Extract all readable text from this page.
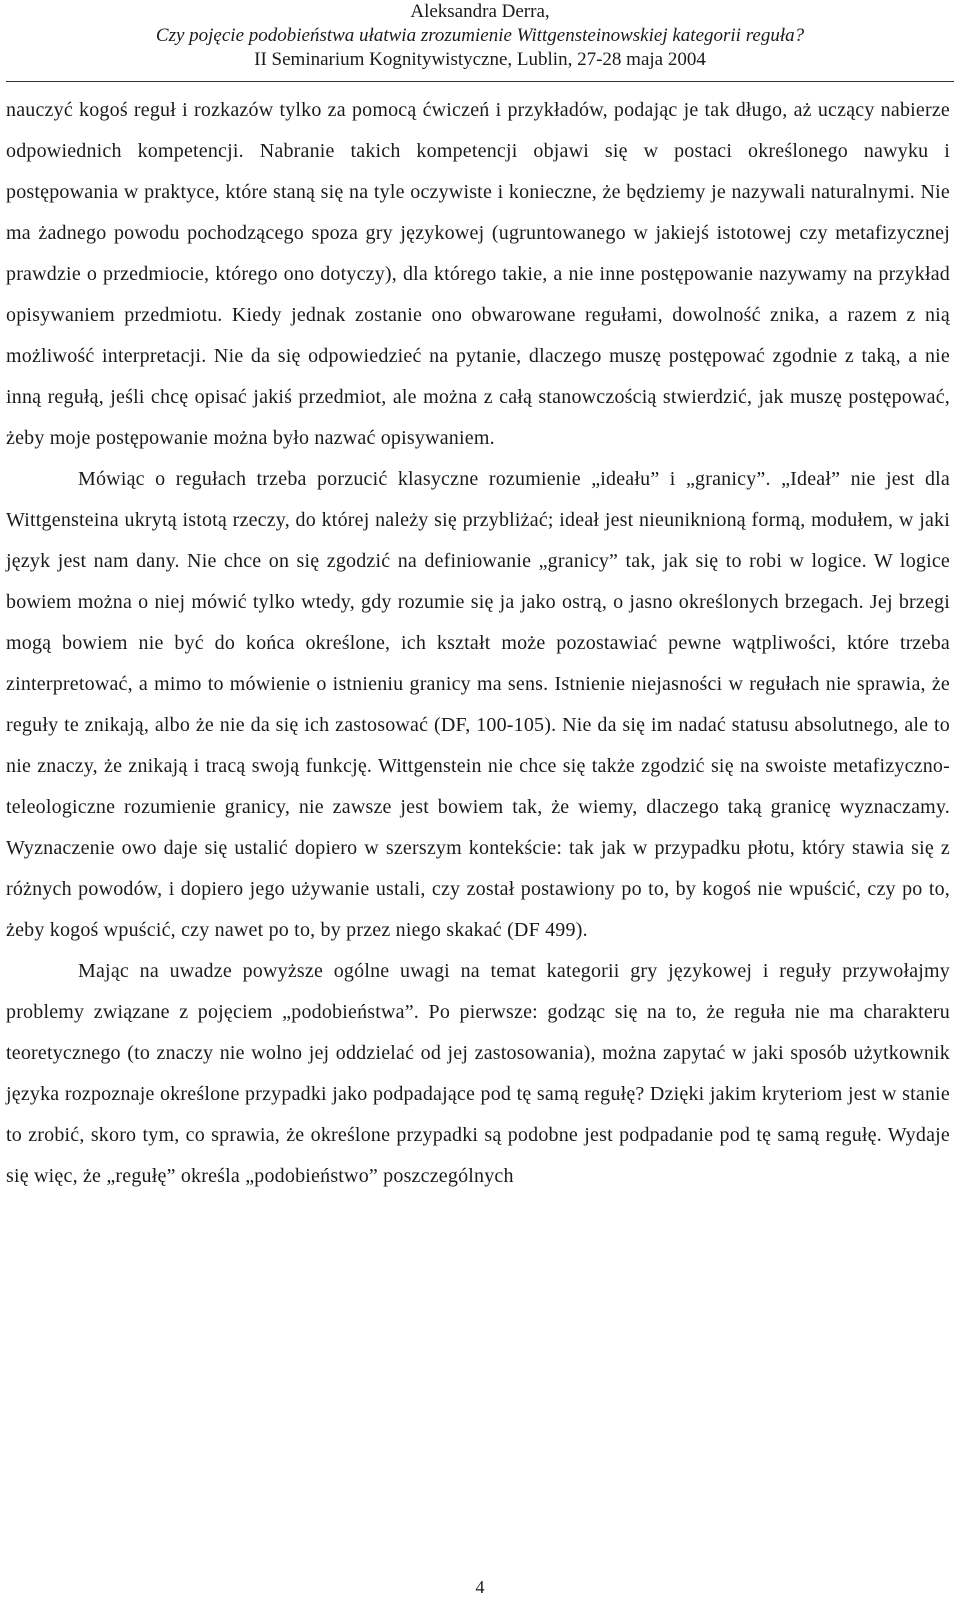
Aleksandra Derra,
Czy pojęcie podobieństwa ułatwia zrozumienie Wittgensteinowskiej kategorii reguła?
II Seminarium Kognitywistyczne, Lublin, 27-28 maja 2004

nauczyć kogoś reguł i rozkazów tylko za pomocą ćwiczeń i przykładów, podając je tak długo, aż uczący nabierze odpowiednich kompetencji. Nabranie takich kompetencji objawi się w postaci określonego nawyku i postępowania w praktyce, które staną się na tyle oczywiste i konieczne, że będziemy je nazywali naturalnymi. Nie ma żadnego powodu pochodzącego spoza gry językowej (ugruntowanego w jakiejś istotowej czy metafizycznej prawdzie o przedmiocie, którego ono dotyczy), dla którego takie, a nie inne postępowanie nazywamy na przykład opisywaniem przedmiotu. Kiedy jednak zostanie ono obwarowane regułami, dowolność znika, a razem z nią możliwość interpretacji. Nie da się odpowiedzieć na pytanie, dlaczego muszę postępować zgodnie z taką, a nie inną regułą, jeśli chcę opisać jakiś przedmiot, ale można z całą stanowczością stwierdzić, jak muszę postępować, żeby moje postępowanie można było nazwać opisywaniem.

Mówiąc o regułach trzeba porzucić klasyczne rozumienie „ideału” i „granicy”. „Ideał” nie jest dla Wittgensteina ukrytą istotą rzeczy, do której należy się przybliżać; ideał jest nieuniknioną formą, modułem, w jaki język jest nam dany. Nie chce on się zgodzić na definiowanie „granicy” tak, jak się to robi w logice. W logice bowiem można o niej mówić tylko wtedy, gdy rozumie się ja jako ostrą, o jasno określonych brzegach. Jej brzegi mogą bowiem nie być do końca określone, ich kształt może pozostawiać pewne wątpliwości, które trzeba zinterpretować, a mimo to mówienie o istnieniu granicy ma sens. Istnienie niejasności w regułach nie sprawia, że reguły te znikają, albo że nie da się ich zastosować (DF, 100-105). Nie da się im nadać statusu absolutnego, ale to nie znaczy, że znikają i tracą swoją funkcję. Wittgenstein nie chce się także zgodzić się na swoiste metafizyczno-teleologiczne rozumienie granicy, nie zawsze jest bowiem tak, że wiemy, dlaczego taką granicę wyznaczamy. Wyznaczenie owo daje się ustalić dopiero w szerszym kontekście: tak jak w przypadku płotu, który stawia się z różnych powodów, i dopiero jego używanie ustali, czy został postawiony po to, by kogoś nie wpuścić, czy po to, żeby kogoś wpuścić, czy nawet po to, by przez niego skakać (DF 499).

Mając na uwadze powyższe ogólne uwagi na temat kategorii gry językowej i reguły przywołajmy problemy związane z pojęciem „podobieństwa”. Po pierwsze: godząc się na to, że reguła nie ma charakteru teoretycznego (to znaczy nie wolno jej oddzielać od jej zastosowania), można zapytać w jaki sposób użytkownik języka rozpoznaje określone przypadki jako podpadające pod tę samą regułę? Dzięki jakim kryteriom jest w stanie to zrobić, skoro tym, co sprawia, że określone przypadki są podobne jest podpadanie pod tę samą regułę. Wydaje się więc, że „regułę” określa „podobieństwo” poszczególnych

4
